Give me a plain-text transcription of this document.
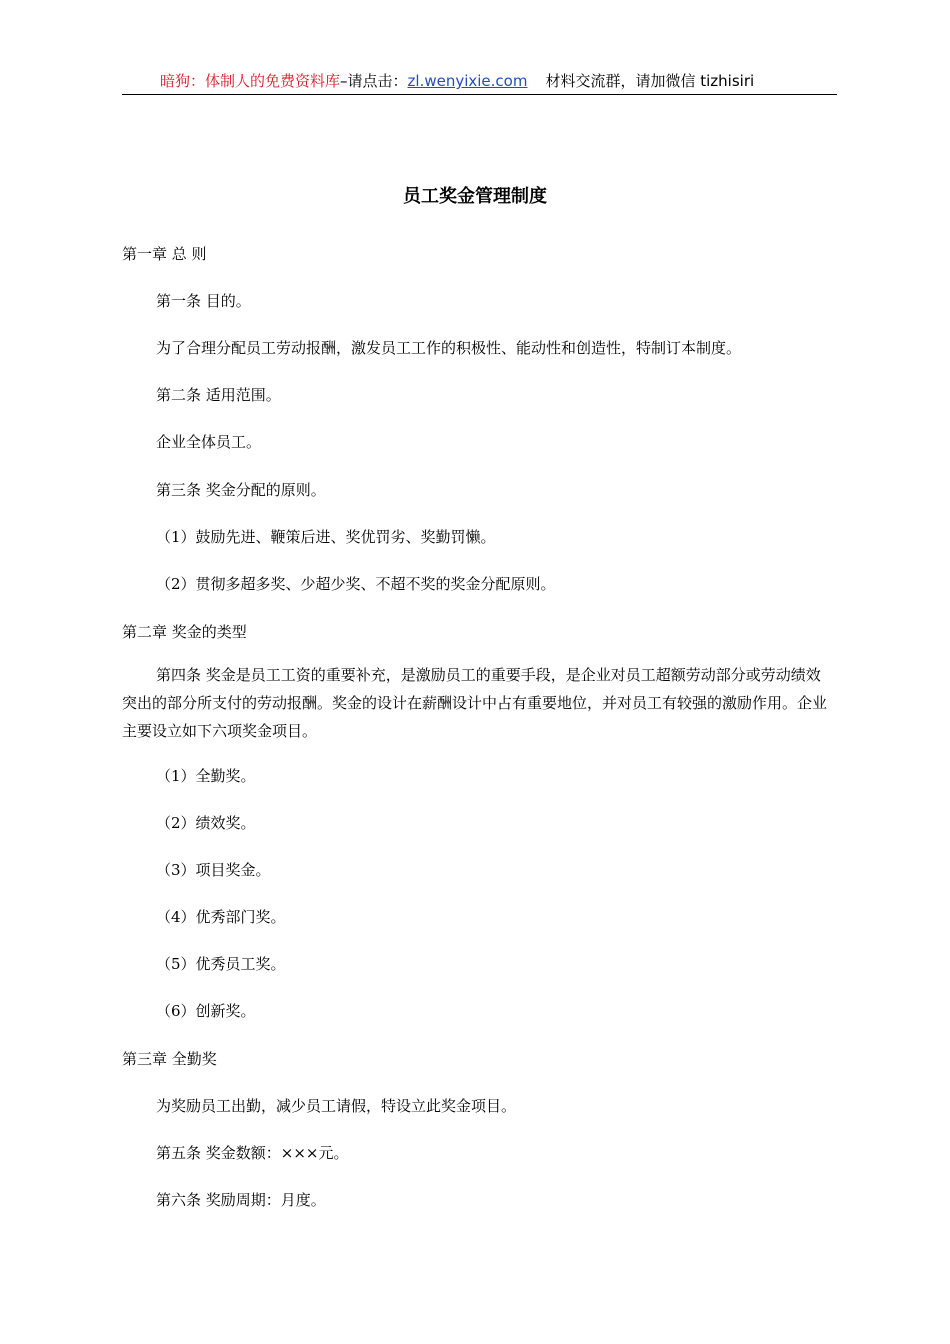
暗狗：体制人的免费资料库–请点击：zl.wenyixie.com 材料交流群，请加微信 tizhisiri
员工奖金管理制度
第一章 总 则
第一条 目的。
为了合理分配员工劳动报酬，激发员工工作的积极性、能动性和创造性，特制订本制度。
第二条 适用范围。
企业全体员工。
第三条 奖金分配的原则。
（1）鼓励先进、鞭策后进、奖优罚劣、奖勤罚懒。
（2）贯彻多超多奖、少超少奖、不超不奖的奖金分配原则。
第二章 奖金的类型
第四条 奖金是员工工资的重要补充，是激励员工的重要手段，是企业对员工超额劳动部分或劳动绩效突出的部分所支付的劳动报酬。奖金的设计在薪酬设计中占有重要地位，并对员工有较强的激励作用。企业主要设立如下六项奖金项目。
（1）全勤奖。
（2）绩效奖。
（3）项目奖金。
（4）优秀部门奖。
（5）优秀员工奖。
（6）创新奖。
第三章 全勤奖
为奖励员工出勤，减少员工请假，特设立此奖金项目。
第五条 奖金数额：×××元。
第六条 奖励周期：月度。
